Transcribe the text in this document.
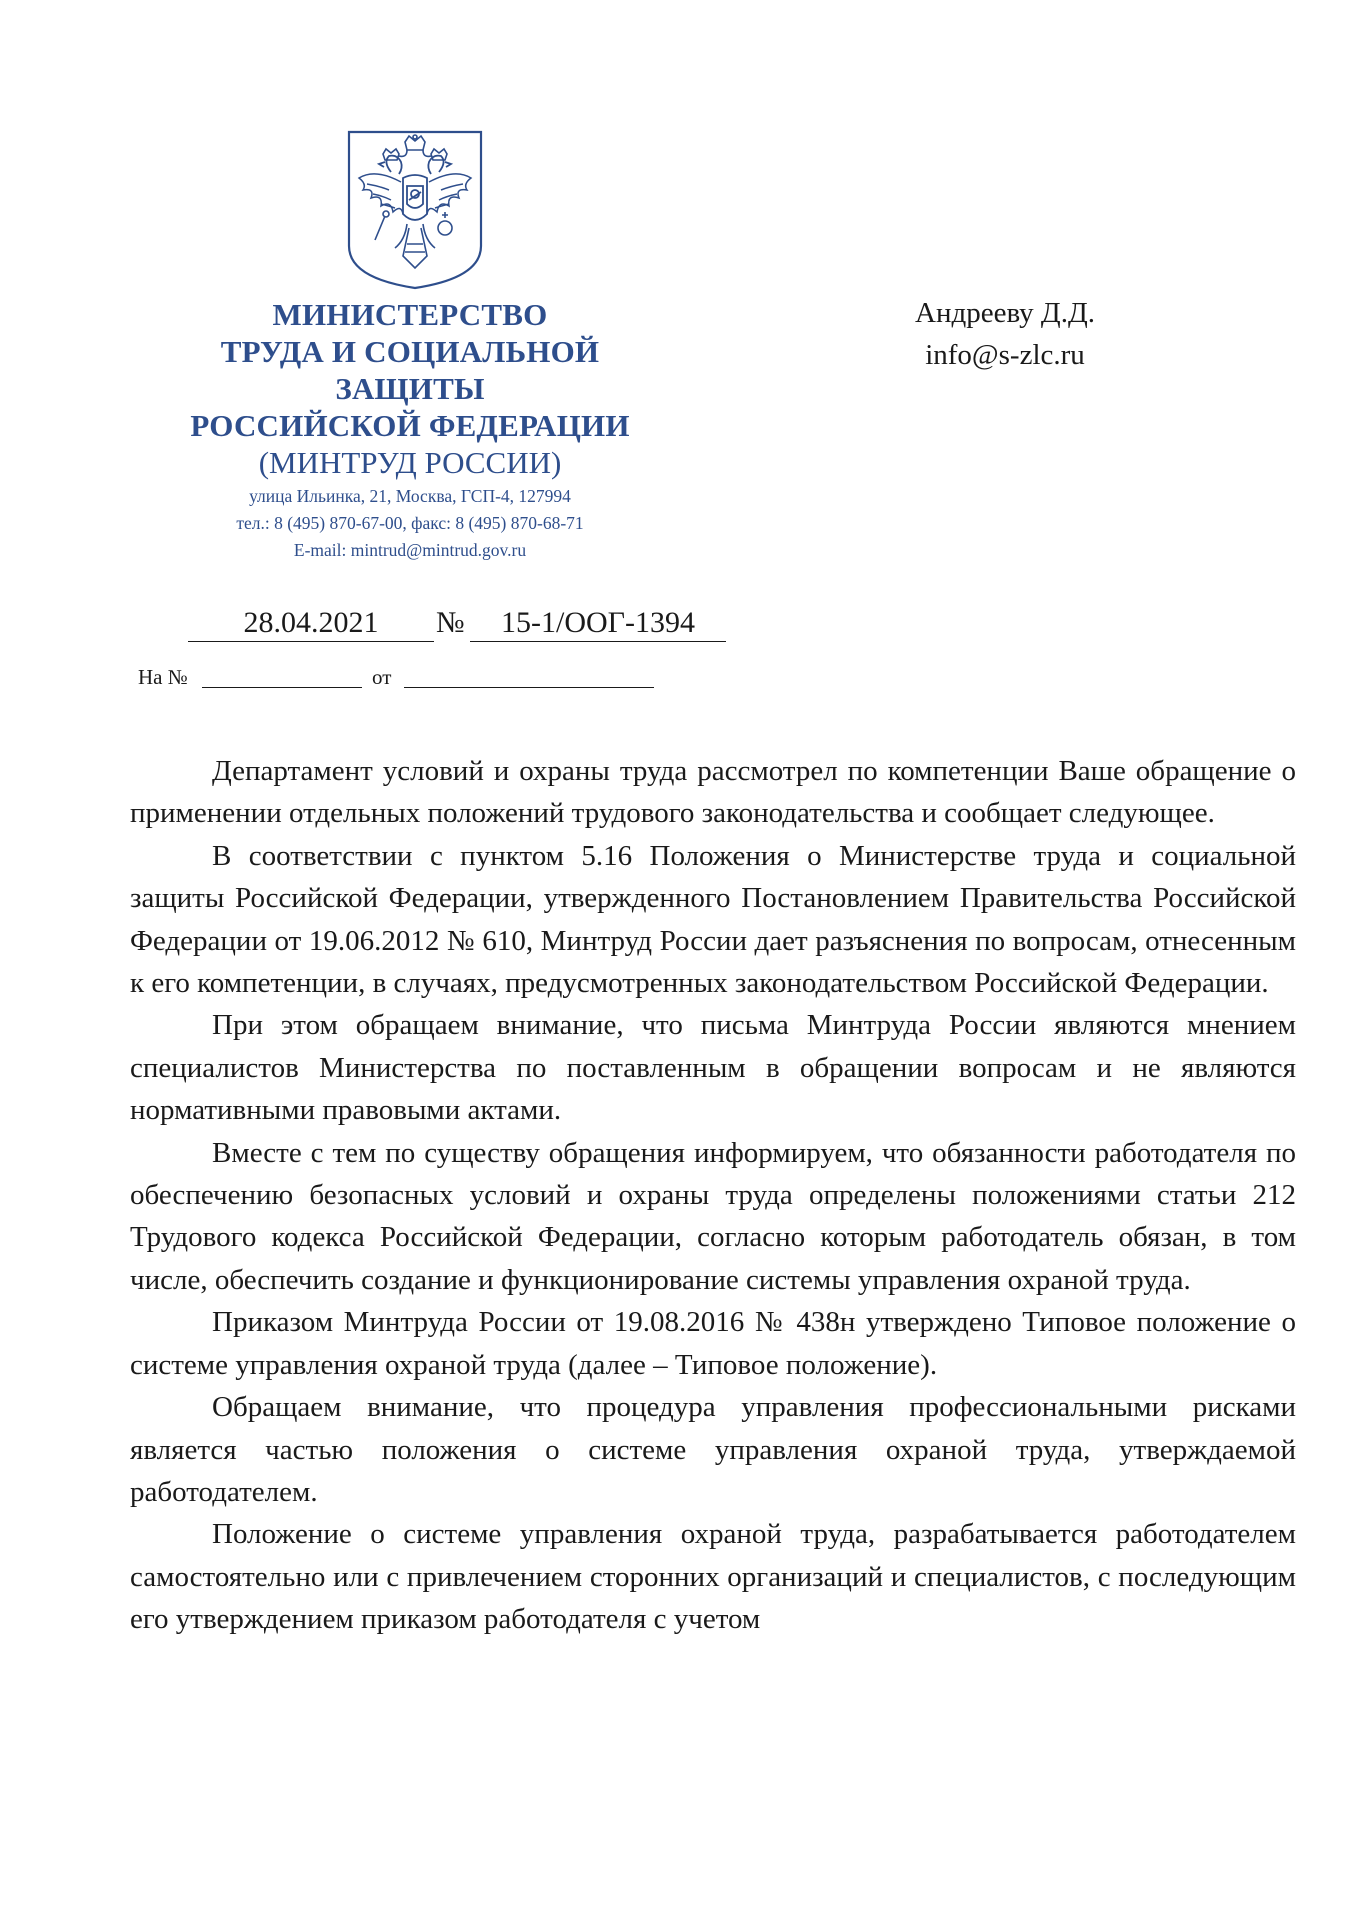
МИНИСТЕРСТВО
ТРУДА И СОЦИАЛЬНОЙ
ЗАЩИТЫ
РОССИЙСКОЙ ФЕДЕРАЦИИ
(МИНТРУД РОССИИ)
улица Ильинка, 21, Москва, ГСП-4, 127994
тел.: 8 (495) 870-67-00, факс: 8 (495) 870-68-71
E-mail: mintrud@mintrud.gov.ru
Андрееву Д.Д.
info@s-zlc.ru
28.04.2021	№	15-1/ООГ-1394
На №	от

Департамент условий и охраны труда рассмотрел по компетенции Ваше обращение о применении отдельных положений трудового законодательства и сообщает следующее.

В соответствии с пунктом 5.16 Положения о Министерстве труда и социальной защиты Российской Федерации, утвержденного Постановлением Правительства Российской Федерации от 19.06.2012 № 610, Минтруд России дает разъяснения по вопросам, отнесенным к его компетенции, в случаях, предусмотренных законодательством Российской Федерации.

При этом обращаем внимание, что письма Минтруда России являются мнением специалистов Министерства по поставленным в обращении вопросам и не являются нормативными правовыми актами.

Вместе с тем по существу обращения информируем, что обязанности работодателя по обеспечению безопасных условий и охраны труда определены положениями статьи 212 Трудового кодекса Российской Федерации, согласно которым работодатель обязан, в том числе, обеспечить создание и функционирование системы управления охраной труда.

Приказом Минтруда России от 19.08.2016 № 438н утверждено Типовое положение о системе управления охраной труда (далее – Типовое положение).

Обращаем внимание, что процедура управления профессиональными рисками является частью положения о системе управления охраной труда, утверждаемой работодателем.

Положение о системе управления охраной труда, разрабатывается работодателем самостоятельно или с привлечением сторонних организаций и специалистов, с последующим его утверждением приказом работодателя с учетом
